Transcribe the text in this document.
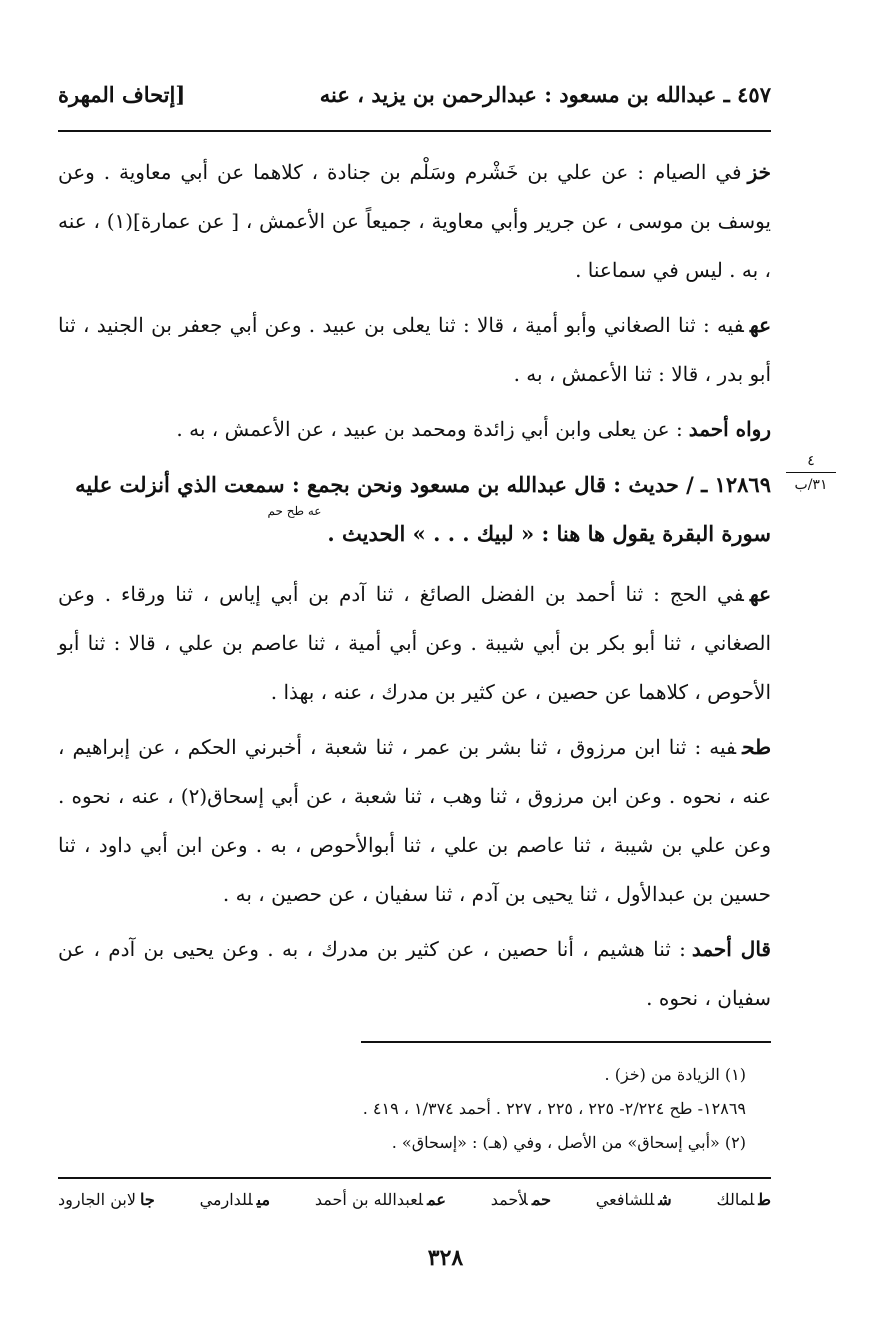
٤٥٧ ـ عبدالله بن مسعود : عبدالرحمن بن يزيد ، عنه
[إتحاف المهرة
٤
٣١/ب

خزفي الصيام : عن علي بن خَشْرم وسَلْم بن جنادة ، كلاهما عن أبي معاوية . وعن يوسف بن موسى ، عن جرير وأبي معاوية ، جميعاً عن الأعمش ، [ عن عمارة](١) ، عنه ، به . ليس في سماعنا .

عهفيه : ثنا الصغاني وأبو أمية ، قالا : ثنا يعلى بن عبيد . وعن أبي جعفر بن الجنيد ، ثنا أبو بدر ، قالا : ثنا الأعمش ، به .

رواه أحمد: عن يعلى وابن أبي زائدة ومحمد بن عبيد ، عن الأعمش ، به .

١٢٨٦٩ ـ / حديث : قال عبدالله بن مسعود ونحن بجمع : سمعت الذي أنزلت عليه سورة البقرة يقول ها هنا : « لبيك . . . » الحديث .$^{عه طح حم}$

عهفي الحج : ثنا أحمد بن الفضل الصائغ ، ثنا آدم بن أبي إياس ، ثنا ورقاء . وعن الصغاني ، ثنا أبو بكر بن أبي شيبة . وعن أبي أمية ، ثنا عاصم بن علي ، قالا : ثنا أبو الأحوص ، كلاهما عن حصين ، عن كثير بن مدرك ، عنه ، بهذا .

طحفيه : ثنا ابن مرزوق ، ثنا بشر بن عمر ، ثنا شعبة ، أخبرني الحكم ، عن إبراهيم ، عنه ، نحوه . وعن ابن مرزوق ، ثنا وهب ، ثنا شعبة ، عن أبي إسحاق(٢) ، عنه ، نحوه . وعن علي بن شيبة ، ثنا عاصم بن علي ، ثنا أبوالأحوص ، به . وعن ابن أبي داود ، ثنا حسين بن عبدالأول ، ثنا يحيى بن آدم ، ثنا سفيان ، عن حصين ، به .

قال أحمد: ثنا هشيم ، أنا حصين ، عن كثير بن مدرك ، به . وعن يحيى بن آدم ، عن سفيان ، نحوه .

(١) الزيادة من (خز) .
١٢٨٦٩- طح ٢/٢٢٤- ٢٢٥ ، ٢٢٥ ، ٢٢٧ . أحمد ١/٣٧٤ ، ٤١٩ .
(٢) «أبي إسحاق» من الأصل ، وفي (هـ) : «إسحاق» .
طلمالك
شللشافعي
حملأحمد
عملعبدالله بن أحمد
ميللدارمي
جالابن الجارود
٣٢٨
